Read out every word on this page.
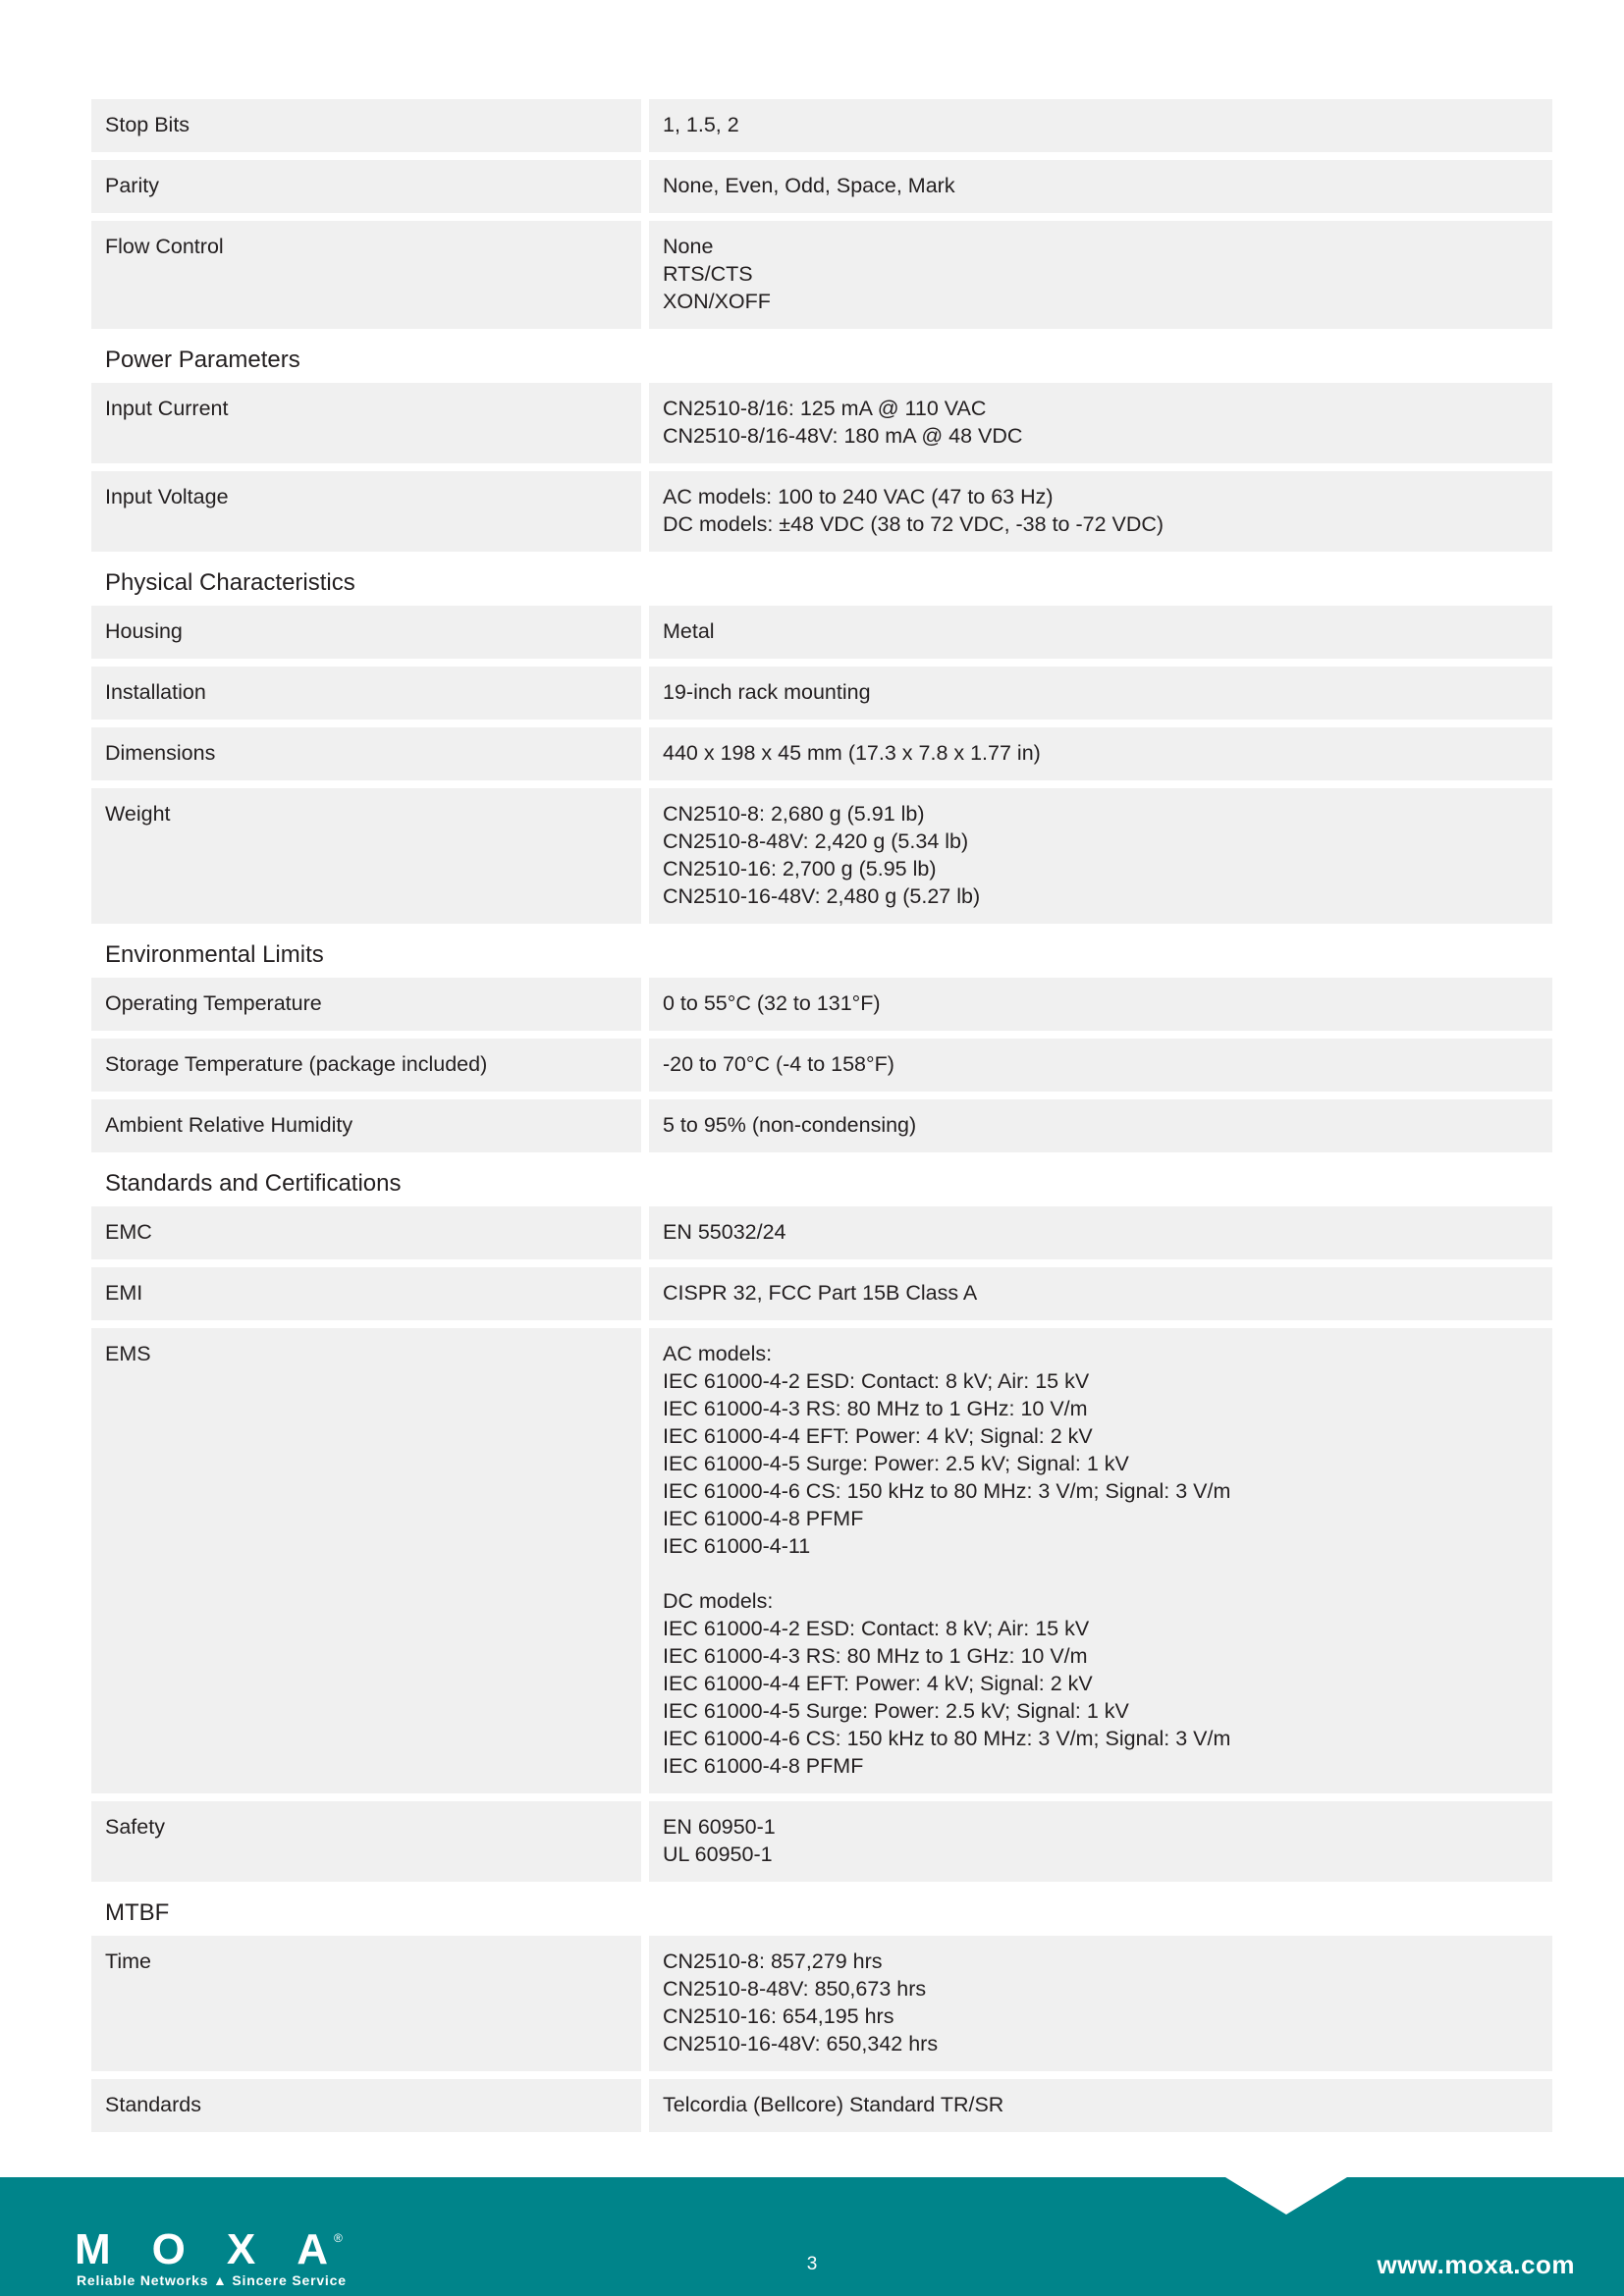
Stop Bits	1, 1.5, 2
Parity	None, Even, Odd, Space, Mark
Flow Control	None
RTS/CTS
XON/XOFF
Power Parameters
Input Current	CN2510-8/16: 125 mA @ 110 VAC
CN2510-8/16-48V: 180 mA @ 48 VDC
Input Voltage	AC models: 100 to 240 VAC (47 to 63 Hz)
DC models: ±48 VDC (38 to 72 VDC, -38 to -72 VDC)
Physical Characteristics
Housing	Metal
Installation	19-inch rack mounting
Dimensions	440 x 198 x 45 mm (17.3 x 7.8 x 1.77 in)
Weight	CN2510-8: 2,680 g (5.91 lb)
CN2510-8-48V: 2,420 g (5.34 lb)
CN2510-16: 2,700 g (5.95 lb)
CN2510-16-48V: 2,480 g (5.27 lb)
Environmental Limits
Operating Temperature	0 to 55°C (32 to 131°F)
Storage Temperature (package included)	-20 to 70°C (-4 to 158°F)
Ambient Relative Humidity	5 to 95% (non-condensing)
Standards and Certifications
EMC	EN 55032/24
EMI	CISPR 32, FCC Part 15B Class A
EMS	AC models:
IEC 61000-4-2 ESD: Contact: 8 kV; Air: 15 kV
IEC 61000-4-3 RS: 80 MHz to 1 GHz: 10 V/m
IEC 61000-4-4 EFT: Power: 4 kV; Signal: 2 kV
IEC 61000-4-5 Surge: Power: 2.5 kV; Signal: 1 kV
IEC 61000-4-6 CS: 150 kHz to 80 MHz: 3 V/m; Signal: 3 V/m
IEC 61000-4-8 PFMF
IEC 61000-4-11

DC models:
IEC 61000-4-2 ESD: Contact: 8 kV; Air: 15 kV
IEC 61000-4-3 RS: 80 MHz to 1 GHz: 10 V/m
IEC 61000-4-4 EFT: Power: 4 kV; Signal: 2 kV
IEC 61000-4-5 Surge: Power: 2.5 kV; Signal: 1 kV
IEC 61000-4-6 CS: 150 kHz to 80 MHz: 3 V/m; Signal: 3 V/m
IEC 61000-4-8 PFMF
Safety	EN 60950-1
UL 60950-1
MTBF
Time	CN2510-8: 857,279 hrs
CN2510-8-48V: 850,673 hrs
CN2510-16: 654,195 hrs
CN2510-16-48V: 650,342 hrs
Standards	Telcordia (Bellcore) Standard TR/SR
MOXA ®
Reliable Networks ▲ Sincere Service
3	www.moxa.com
